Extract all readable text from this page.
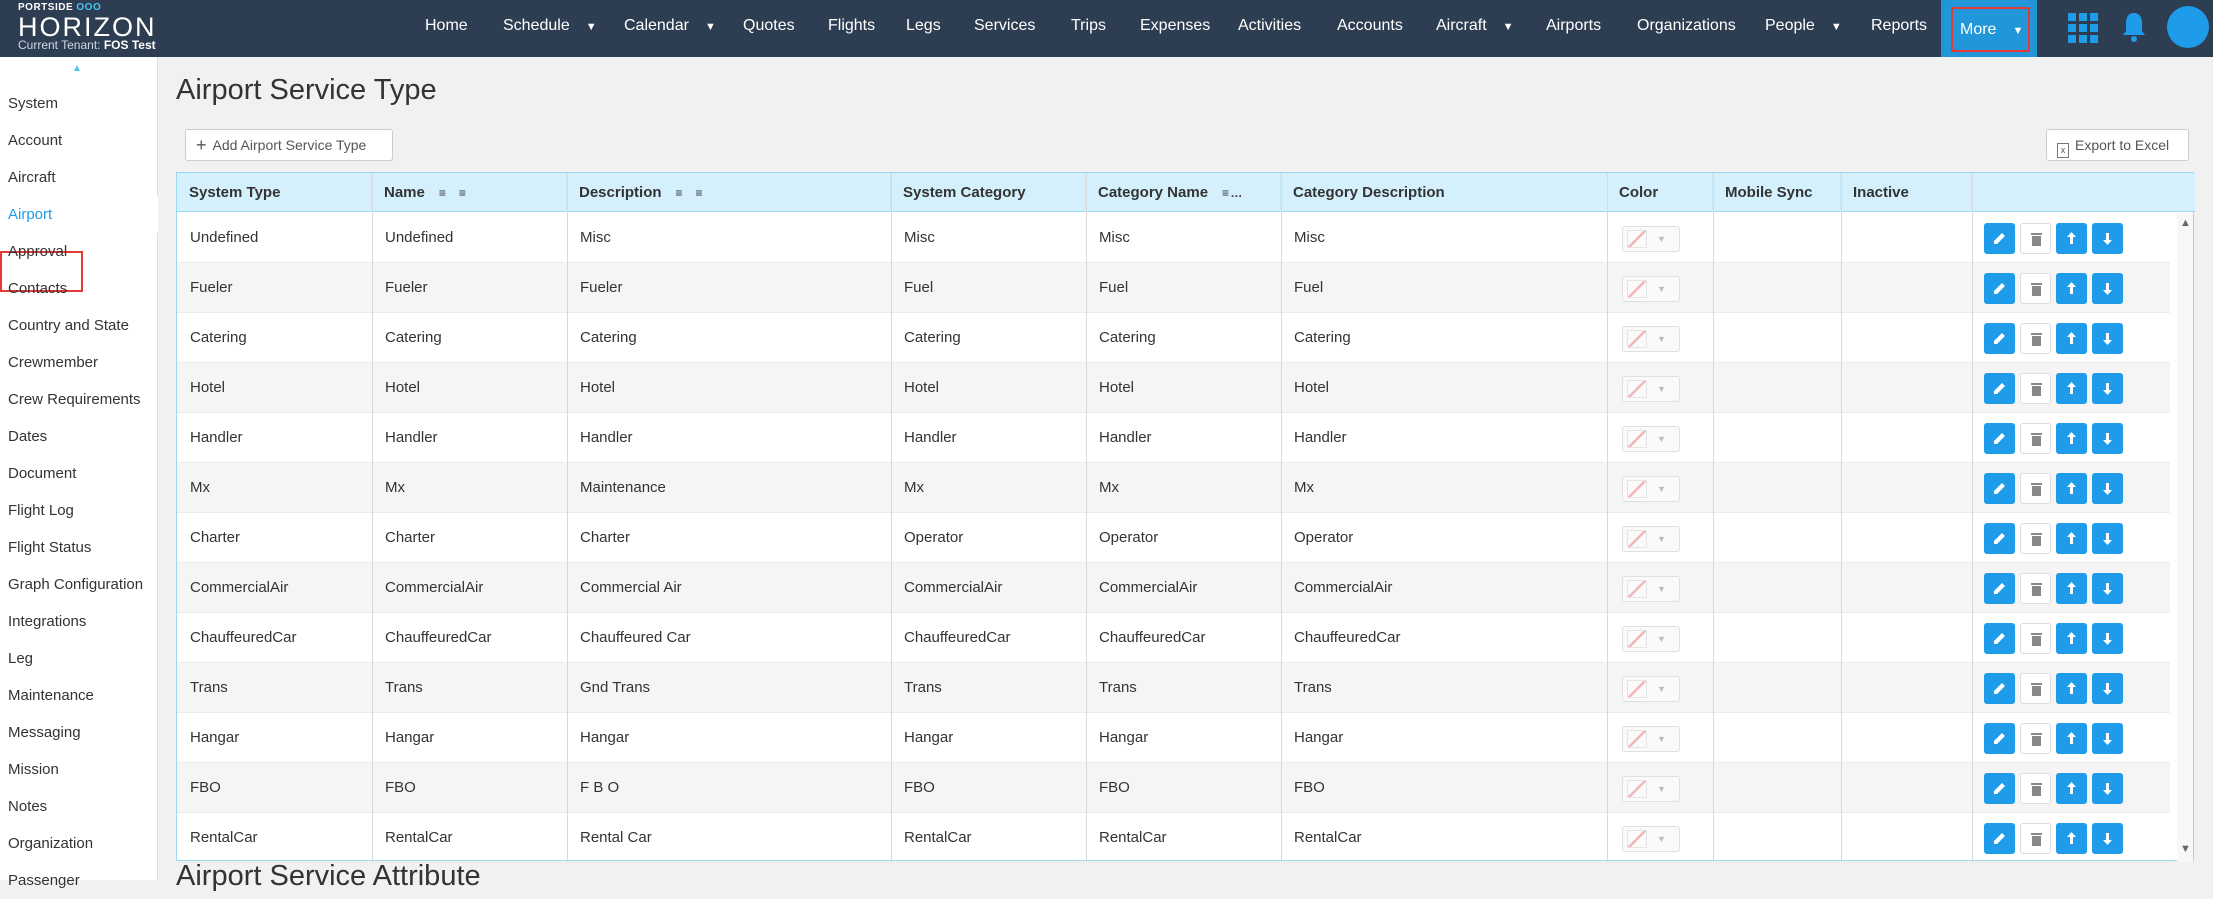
PORTSIDE OOO
HORIZON
Current Tenant: FOS Test
Home Schedule ▼ Calendar ▼ Quotes Flights Legs Services Trips Expenses Activities Accounts Aircraft ▼ Airports Organizations People ▼ Reports	More ▼
▲
System
Account
Aircraft
Airport
Approval
Contacts
Country and State
Crewmember
Crew Requirements
Dates
Document
Flight Log
Flight Status
Graph Configuration
Integrations
Leg
Maintenance
Messaging
Mission
Notes
Organization
Passenger
Airport Service Type
+ Add Airport Service Type	x Export to Excel
System Type	Name ≡ ≡	Description ≡ ≡	System Category	Category Name ≡ …	Category Description	Color	Mobile Sync	Inactive
Undefined	Undefined	Misc	Misc	Misc	Misc	▼
Fueler	Fueler	Fueler	Fuel	Fuel	Fuel	▼
Catering	Catering	Catering	Catering	Catering	Catering	▼
Hotel	Hotel	Hotel	Hotel	Hotel	Hotel	▼
Handler	Handler	Handler	Handler	Handler	Handler	▼
Mx	Mx	Maintenance	Mx	Mx	Mx	▼
Charter	Charter	Charter	Operator	Operator	Operator	▼
CommercialAir	CommercialAir	Commercial Air	CommercialAir	CommercialAir	CommercialAir	▼
ChauffeuredCar	ChauffeuredCar	Chauffeured Car	ChauffeuredCar	ChauffeuredCar	ChauffeuredCar	▼
Trans	Trans	Gnd Trans	Trans	Trans	Trans	▼
Hangar	Hangar	Hangar	Hangar	Hangar	Hangar	▼
FBO	FBO	F B O	FBO	FBO	FBO	▼
RentalCar	RentalCar	Rental Car	RentalCar	RentalCar	RentalCar	▼
▲
▼
Airport Service Attribute
